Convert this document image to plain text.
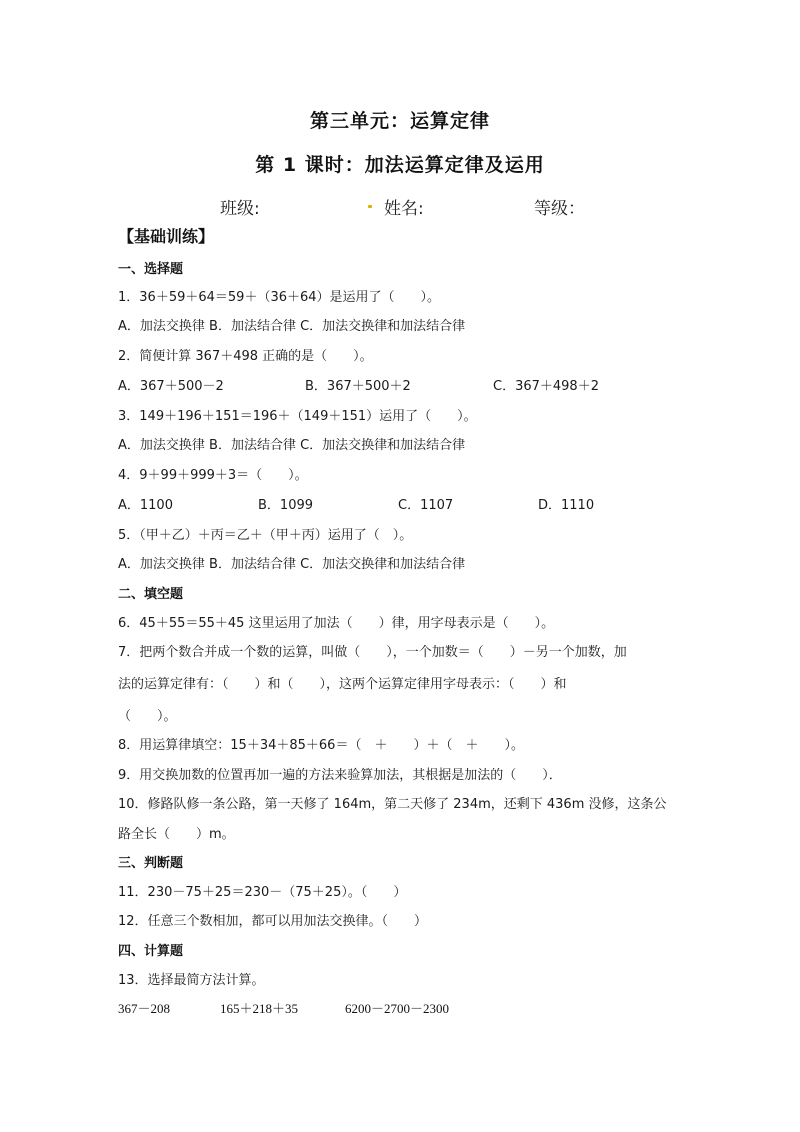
第三单元：运算定律
第 1 课时：加法运算定律及运用
班级:	姓名:	等级：
【基础训练】
一、选择题
1．36＋59＋64＝59＋（36＋64）是运用了（　　）。
A．加法交换律 B．加法结合律 C．加法交换律和加法结合律
2．简便计算 367＋498 正确的是（　　）。
A．367＋500－2	B．367＋500＋2	C．367＋498＋2
3．149＋196＋151＝196＋（149＋151）运用了（　　）。
A．加法交换律 B．加法结合律 C．加法交换律和加法结合律
4．9＋99＋999＋3＝（　　）。
A．1100	B．1099	C．1107	D．1110
5．（甲＋乙）＋丙＝乙＋（甲＋丙）运用了（　）。
A．加法交换律 B．加法结合律 C．加法交换律和加法结合律
二、填空题
6．45＋55＝55＋45 这里运用了加法（　　）律，用字母表示是（　　）。
7．把两个数合并成一个数的运算，叫做（　　），一个加数＝（　　）－另一个加数，加
法的运算定律有：（　　）和（　　），这两个运算定律用字母表示：（　　）和
（　　）。
8．用运算律填空：15＋34＋85＋66＝（　＋　　）＋（　＋　　）。
9．用交换加数的位置再加一遍的方法来验算加法，其根据是加法的（　　）．
10．修路队修一条公路，第一天修了 164m，第二天修了 234m，还剩下 436m 没修，这条公
路全长（　　）m。
三、判断题
11．230－75＋25＝230－（75＋25）。（　　）
12．任意三个数相加，都可以用加法交换律。（　　）
四、计算题
13．选择最简方法计算。
367－208	165＋218＋35	6200－2700－2300
